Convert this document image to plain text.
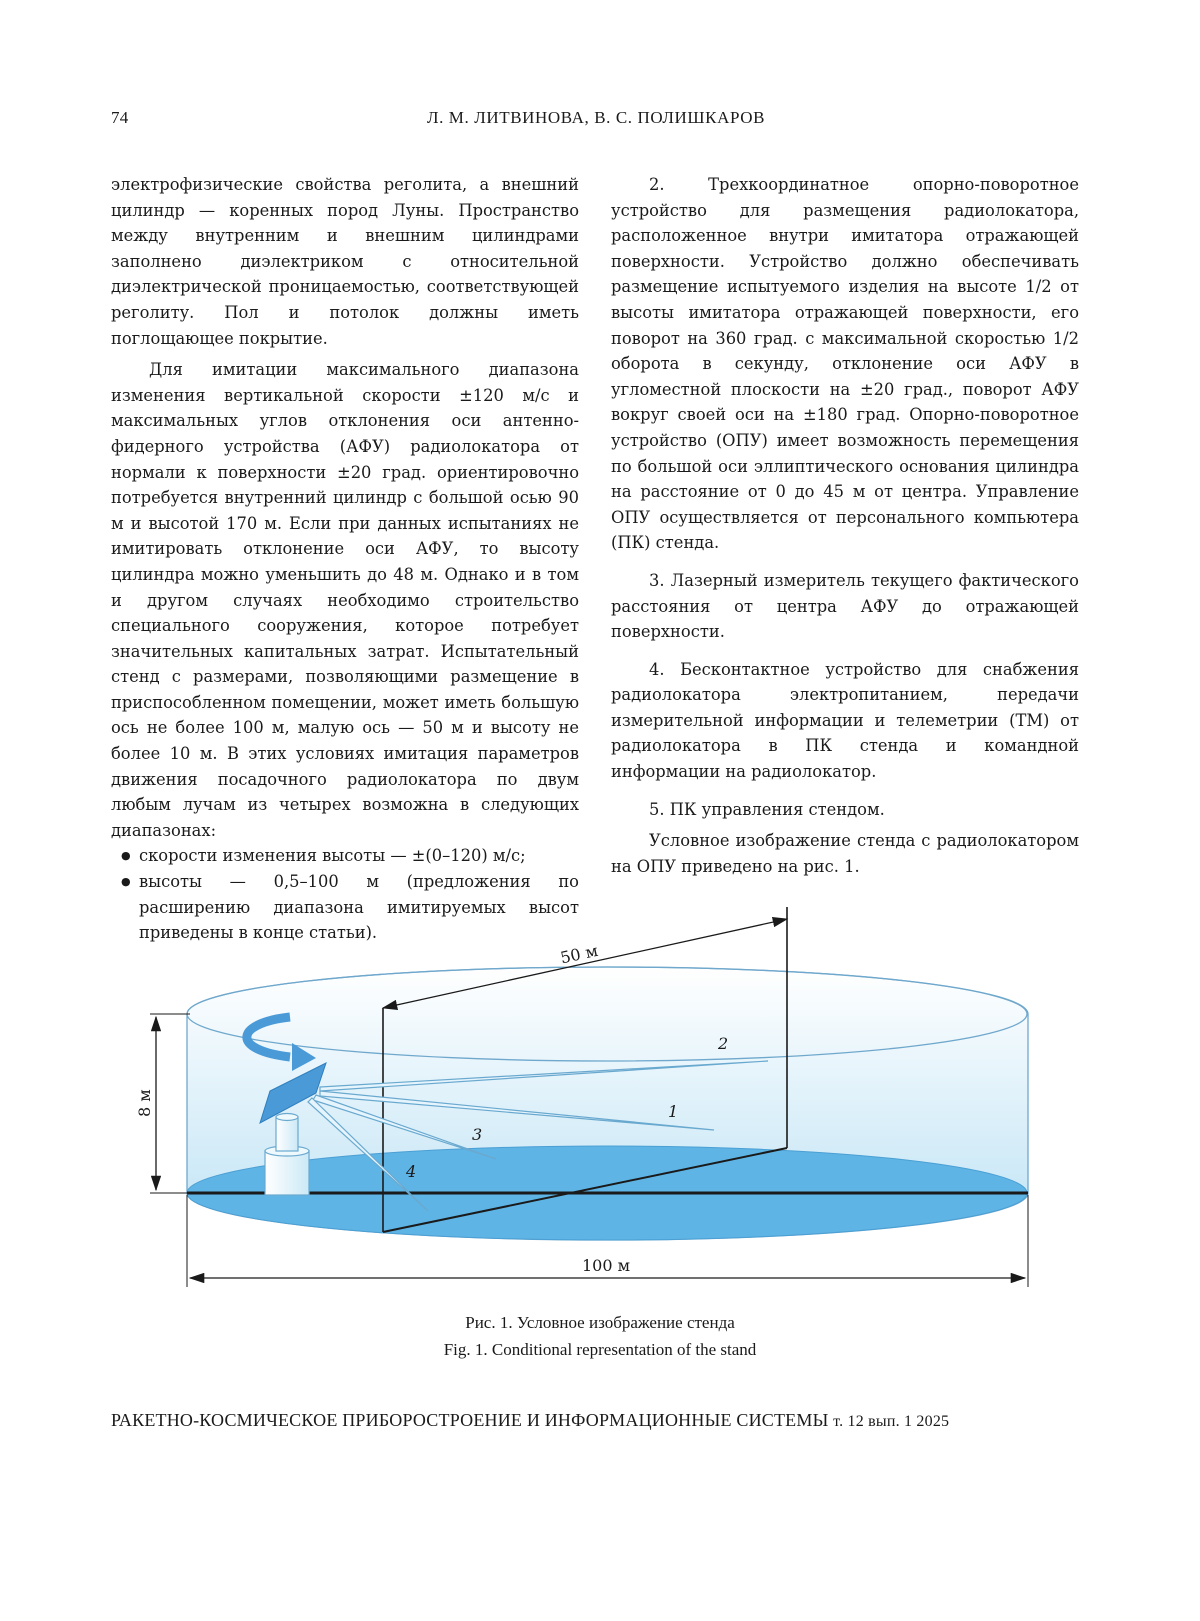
74	Л. М. ЛИТВИНОВА, В. С. ПОЛИШКАРОВ

электрофизические свойства реголита, а внешний цилиндр — коренных пород Луны. Пространство между внутренним и внешним цилиндрами заполнено диэлектриком с относительной диэлектрической проницаемостью, соответствующей реголиту. Пол и потолок должны иметь поглощающее покрытие.

Для имитации максимального диапазона изменения вертикальной скорости ±120 м/с и максимальных углов отклонения оси антенно-фидерного устройства (АФУ) радиолокатора от нормали к поверхности ±20 град. ориентировочно потребуется внутренний цилиндр с большой осью 90 м и высотой 170 м. Если при данных испытаниях не имитировать отклонение оси АФУ, то высоту цилиндра можно уменьшить до 48 м. Однако и в том и другом случаях необходимо строительство специального сооружения, которое потребует значительных капитальных затрат. Испытательный стенд с размерами, позволяющими размещение в приспособленном помещении, может иметь большую ось не более 100 м, малую ось — 50 м и высоту не более 10 м. В этих условиях имитация параметров движения посадочного радиолокатора по двум любым лучам из четырех возможна в следующих диапазонах:

● скорости изменения высоты — ±(0–120) м/с;
● высоты — 0,5–100 м (предложения по расширению диапазона имитируемых высот приведены в конце статьи).

2. Трехкоординатное опорно-поворотное устройство для размещения радиолокатора, расположенное внутри имитатора отражающей поверхности. Устройство должно обеспечивать размещение испытуемого изделия на высоте 1/2 от высоты имитатора отражающей поверхности, его поворот на 360 град. с максимальной скоростью 1/2 оборота в секунду, отклонение оси АФУ в угломестной плоскости на ±20 град., поворот АФУ вокруг своей оси на ±180 град. Опорно-поворотное устройство (ОПУ) имеет возможность перемещения по большой оси эллиптического основания цилиндра на расстояние от 0 до 45 м от центра. Управление ОПУ осуществляется от персонального компьютера (ПК) стенда.

3. Лазерный измеритель текущего фактического расстояния от центра АФУ до отражающей поверхности.

4. Бесконтактное устройство для снабжения радиолокатора электропитанием, передачи измерительной информации и телеметрии (ТМ) от радиолокатора в ПК стенда и командной информации на радиолокатор.

5. ПК управления стендом.

Условное изображение стенда с радиолокатором на ОПУ приведено на рис. 1.

50 м
8 м
100 м
2
1
3
4
Рис. 1. Условное изображение стенда
Fig. 1. Conditional representation of the stand
РАКЕТНО-КОСМИЧЕСКОЕ ПРИБОРОСТРОЕНИЕ И ИНФОРМАЦИОННЫЕ СИСТЕМЫ т. 12 вып. 1 2025
